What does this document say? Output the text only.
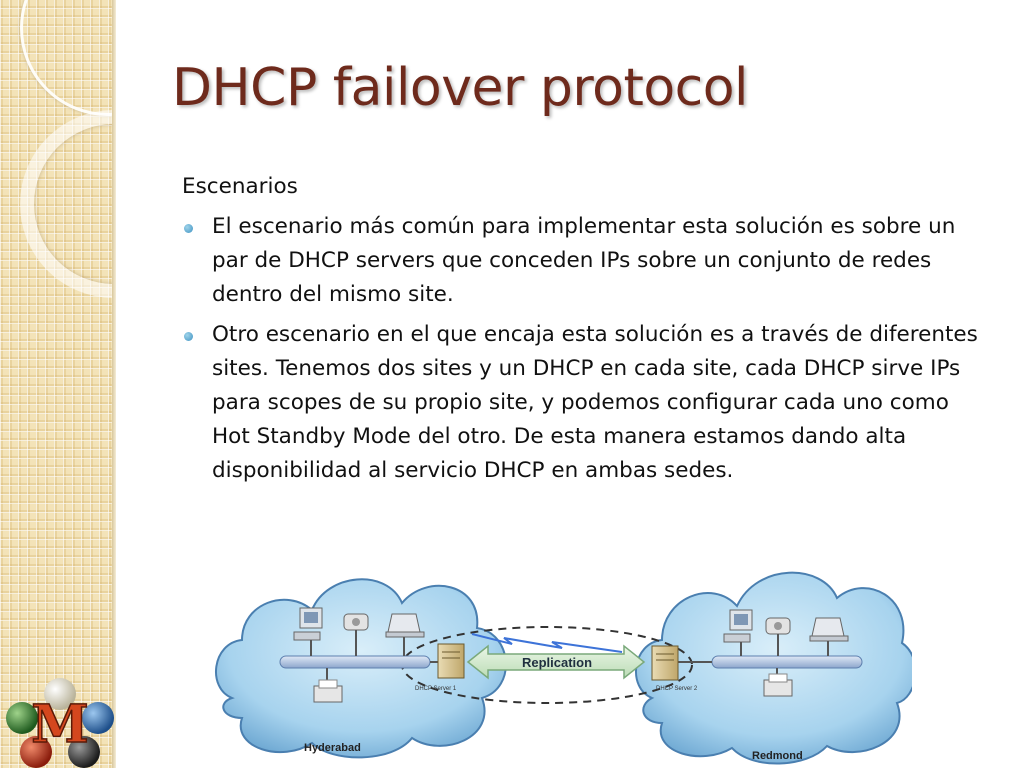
DHCP failover protocol

Escenarios

El escenario más común para implementar esta solución es sobre un par de DHCP servers que conceden IPs sobre un conjunto de redes dentro del mismo site.
Otro escenario en el que encaja esta solución es a través de diferentes sites. Tenemos dos sites y un DHCP en cada site, cada DHCP sirve IPs para scopes de su propio site, y podemos configurar cada uno como Hot Standby Mode del otro. De esta manera estamos dando alta disponibilidad al servicio DHCP en ambas sedes.
DHCP Server 1	DHCP Server 2
Replication
Hyderabad
Redmond
M
